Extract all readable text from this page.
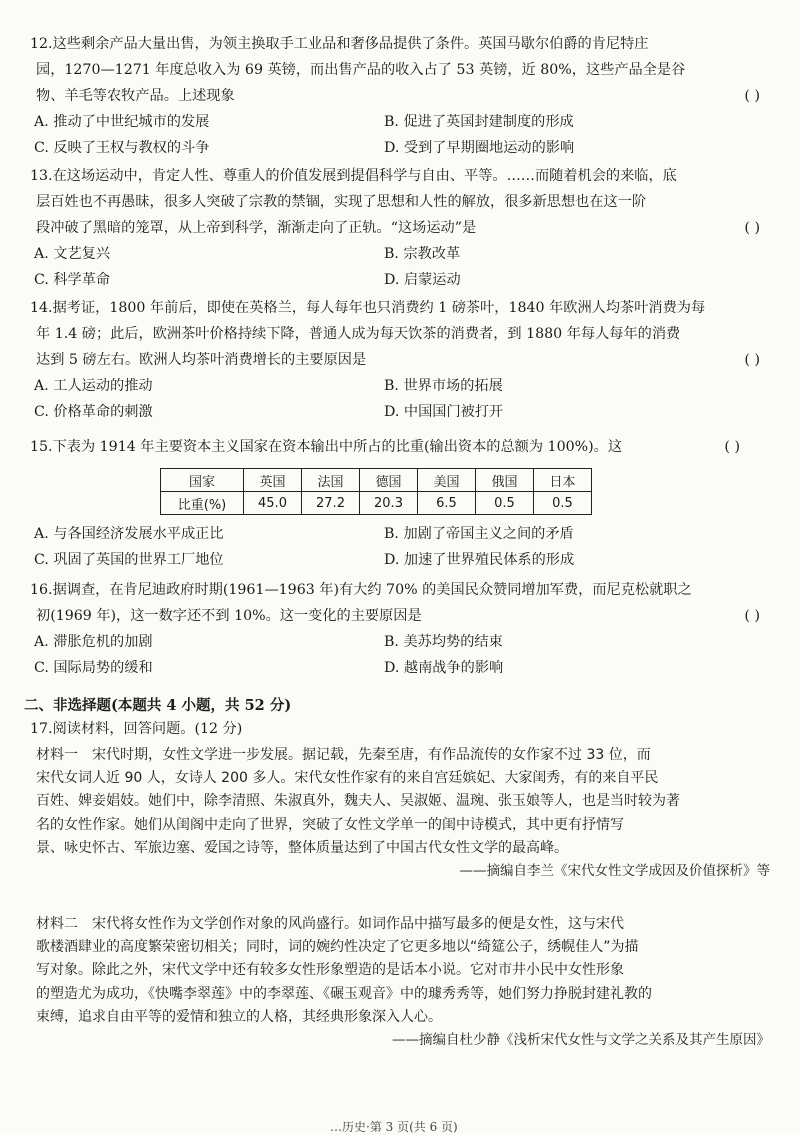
12.这些剩余产品大量出售，为领主换取手工业品和奢侈品提供了条件。英国马歇尔伯爵的肯尼特庄
园，1270—1271 年度总收入为 69 英镑，而出售产品的收入占了 53 英镑，近 80%，这些产品全是谷
物、羊毛等农牧产品。上述现象	( )
A. 推动了中世纪城市的发展	B. 促进了英国封建制度的形成
C. 反映了王权与教权的斗争	D. 受到了早期圈地运动的影响
13.在这场运动中，肯定人性、尊重人的价值发展到提倡科学与自由、平等。……而随着机会的来临，底
层百姓也不再愚昧，很多人突破了宗教的禁锢，实现了思想和人性的解放，很多新思想也在这一阶
段冲破了黑暗的笼罩，从上帝到科学，渐渐走向了正轨。“这场运动”是	( )
A. 文艺复兴	B. 宗教改革
C. 科学革命	D. 启蒙运动
14.据考证，1800 年前后，即使在英格兰，每人每年也只消费约 1 磅茶叶，1840 年欧洲人均茶叶消费为每
年 1.4 磅；此后，欧洲茶叶价格持续下降，普通人成为每天饮茶的消费者，到 1880 年每人每年的消费
达到 5 磅左右。欧洲人均茶叶消费增长的主要原因是	( )
A. 工人运动的推动	B. 世界市场的拓展
C. 价格革命的刺激	D. 中国国门被打开
15.下表为 1914 年主要资本主义国家在资本输出中所占的比重(输出资本的总额为 100%)。这	( )
国家	英国	法国	德国	美国	俄国	日本
比重(%)	45.0	27.2	20.3	6.5	0.5	0.5
A. 与各国经济发展水平成正比	B. 加剧了帝国主义之间的矛盾
C. 巩固了英国的世界工厂地位	D. 加速了世界殖民体系的形成
16.据调查，在肯尼迪政府时期(1961—1963 年)有大约 70% 的美国民众赞同增加军费，而尼克松就职之
初(1969 年)，这一数字还不到 10%。这一变化的主要原因是	( )
A. 滞胀危机的加剧	B. 美苏均势的结束
C. 国际局势的缓和	D. 越南战争的影响
二、非选择题(本题共 4 小题，共 52 分)
17.阅读材料，回答问题。(12 分)
材料一　宋代时期，女性文学进一步发展。据记载，先秦至唐，有作品流传的女作家不过 33 位，而
宋代女词人近 90 人，女诗人 200 多人。宋代女性作家有的来自宫廷嫔妃、大家闺秀，有的来自平民
百姓、婢妾娼妓。她们中，除李清照、朱淑真外，魏夫人、吴淑姬、温琬、张玉娘等人，也是当时较为著
名的女性作家。她们从闺阁中走向了世界，突破了女性文学单一的闺中诗模式，其中更有抒情写
景、咏史怀古、军旅边塞、爱国之诗等，整体质量达到了中国古代女性文学的最高峰。
——摘编自李兰《宋代女性文学成因及价值探析》等
材料二　宋代将女性作为文学创作对象的风尚盛行。如词作品中描写最多的便是女性，这与宋代
歌楼酒肆业的高度繁荣密切相关；同时，词的婉约性决定了它更多地以“绮筵公子，绣幌佳人”为描
写对象。除此之外，宋代文学中还有较多女性形象塑造的是话本小说。它对市井小民中女性形象
的塑造尤为成功，《快嘴李翠莲》中的李翠莲、《碾玉观音》中的璩秀秀等，她们努力挣脱封建礼教的
束缚，追求自由平等的爱情和独立的人格，其经典形象深入人心。
——摘编自杜少静《浅析宋代女性与文学之关系及其产生原因》
…历史·第 3 页(共 6 页)
